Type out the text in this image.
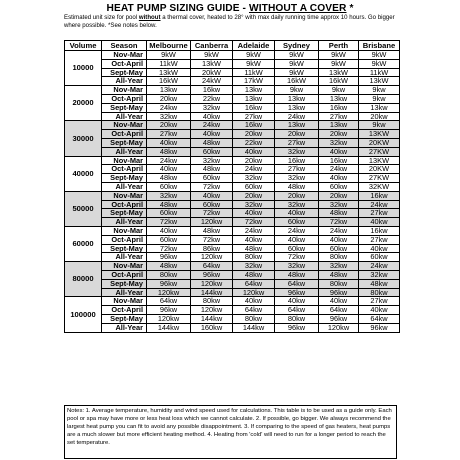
HEAT PUMP SIZING GUIDE - WITHOUT A COVER *
Estimated unit size for pool without a thermal cover, heated to 28° with max daily running time approx 10 hours. Go bigger where possible. *See notes below.
Volume	Season	Melbourne	Canberra	Adelaide	Sydney	Perth	Brisbane
10000	Nov-Mar	9kW	9kW	9kW	9kW	9kW	9kW
	Oct-April	11kW	13kW	9kW	9kW	9kW	9kW
	Sept-May	13kW	20kW	11kW	9kW	13kW	11kW
	All-Year	16kW	24kW	17kW	16kW	16kW	13kW
20000	Nov-Mar	13kw	16kw	13kw	9kw	9kw	9kw
	Oct-April	20kw	22kw	13kw	13kw	13kw	9kw
	Sept-May	24kw	32kw	16kw	13kw	16kw	13kw
	All-Year	32kw	40kw	27kw	24kw	27kw	20kw
30000	Nov-Mar	20kw	24kw	16kw	13kw	13kw	9kw
	Oct-April	27kw	40kw	20kw	20kw	20kw	13KW
	Sept-May	40kw	48kw	22kw	27kw	32kw	20KW
	All-Year	48kw	60kw	40kw	32kw	40kw	27KW
40000	Nov-Mar	24kw	32kw	20kw	16kw	16kw	13KW
	Oct-April	40kw	48kw	24kw	27kw	24kw	20KW
	Sept-May	48kw	60kw	32kw	32kw	40kw	27KW
	All-Year	60kw	72kw	60kw	48kw	60kw	32KW
50000	Nov-Mar	32kw	40kw	20kw	20kw	20kw	16kw
	Oct-April	48kw	60kw	32kw	32kw	32kw	24kw
	Sept-May	60kw	72kw	40kw	40kw	48kw	27kw
	All-Year	72kw	120kw	72kw	60kw	72kw	40kw
60000	Nov-Mar	40kw	48kw	24kw	24kw	24kw	16kw
	Oct-April	60kw	72kw	40kw	40kw	40kw	27kw
	Sept-May	72kw	86kw	48kw	60kw	60kw	40kw
	All-Year	96kw	120kw	80kw	72kw	80kw	60kw
80000	Nov-Mar	48kw	64kw	32kw	32kw	32kw	24kw
	Oct-April	80kw	96kw	48kw	48kw	48kw	32kw
	Sept-May	96kw	120kw	64kw	64kw	80kw	48kw
	All-Year	120kw	144kw	120kw	96kw	96kw	80kw
100000	Nov-Mar	64kw	80kw	40kw	40kw	40kw	27kw
	Oct-April	96kw	120kw	64kw	64kw	64kw	40kw
	Sept-May	120kw	144kw	80kw	80kw	96kw	64kw
	All-Year	144kw	160kw	144kw	96kw	120kw	96kw
Notes: 1. Average temperature, humidity and wind speed used for calculations. This table is to be used as a guide only. Each pool or spa may have more or less heat loss which we cannot calculate. 2. If possible, go bigger. We always recommend the largest heat pump you can fit to avoid any possible disappointment. 3. If comparing to the speed of gas heaters, heat pumps are a much slower but more efficient heating method. 4. Heating from 'cold' will need to run for a longer period to reach the set temperature.
